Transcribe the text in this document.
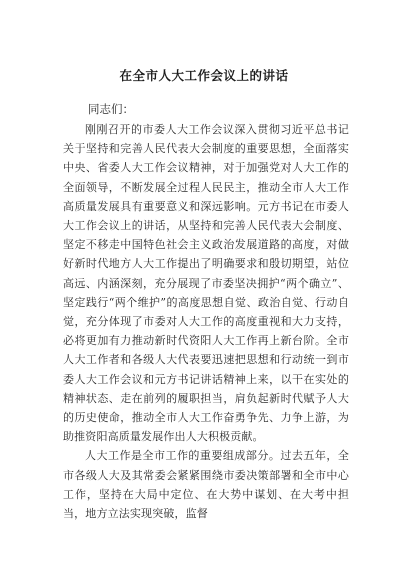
在全市人大工作会议上的讲话

同志们：

刚刚召开的市委人大工作会议深入贯彻习近平总书记关于坚持和完善人民代表大会制度的重要思想，全面落实中央、省委人大工作会议精神，对于加强党对人大工作的全面领导，不断发展全过程人民民主，推动全市人大工作高质量发展具有重要意义和深远影响。元方书记在市委人大工作会议上的讲话，从坚持和完善人民代表大会制度、坚定不移走中国特色社会主义政治发展道路的高度，对做好新时代地方人大工作提出了明确要求和殷切期望，站位高远、内涵深刻，充分展现了市委坚决拥护“两个确立”、坚定践行“两个维护”的高度思想自觉、政治自觉、行动自觉，充分体现了市委对人大工作的高度重视和大力支持，必将更加有力推动新时代资阳人大工作再上新台阶。全市人大工作者和各级人大代表要迅速把思想和行动统一到市委人大工作会议和元方书记讲话精神上来，以干在实处的精神状态、走在前列的履职担当，肩负起新时代赋予人大的历史使命，推动全市人大工作奋勇争先、力争上游，为助推资阳高质量发展作出人大积极贡献。

人大工作是全市工作的重要组成部分。过去五年，全市各级人大及其常委会紧紧围绕市委决策部署和全市中心工作，坚持在大局中定位、在大势中谋划、在大考中担当，地方立法实现突破，监督
